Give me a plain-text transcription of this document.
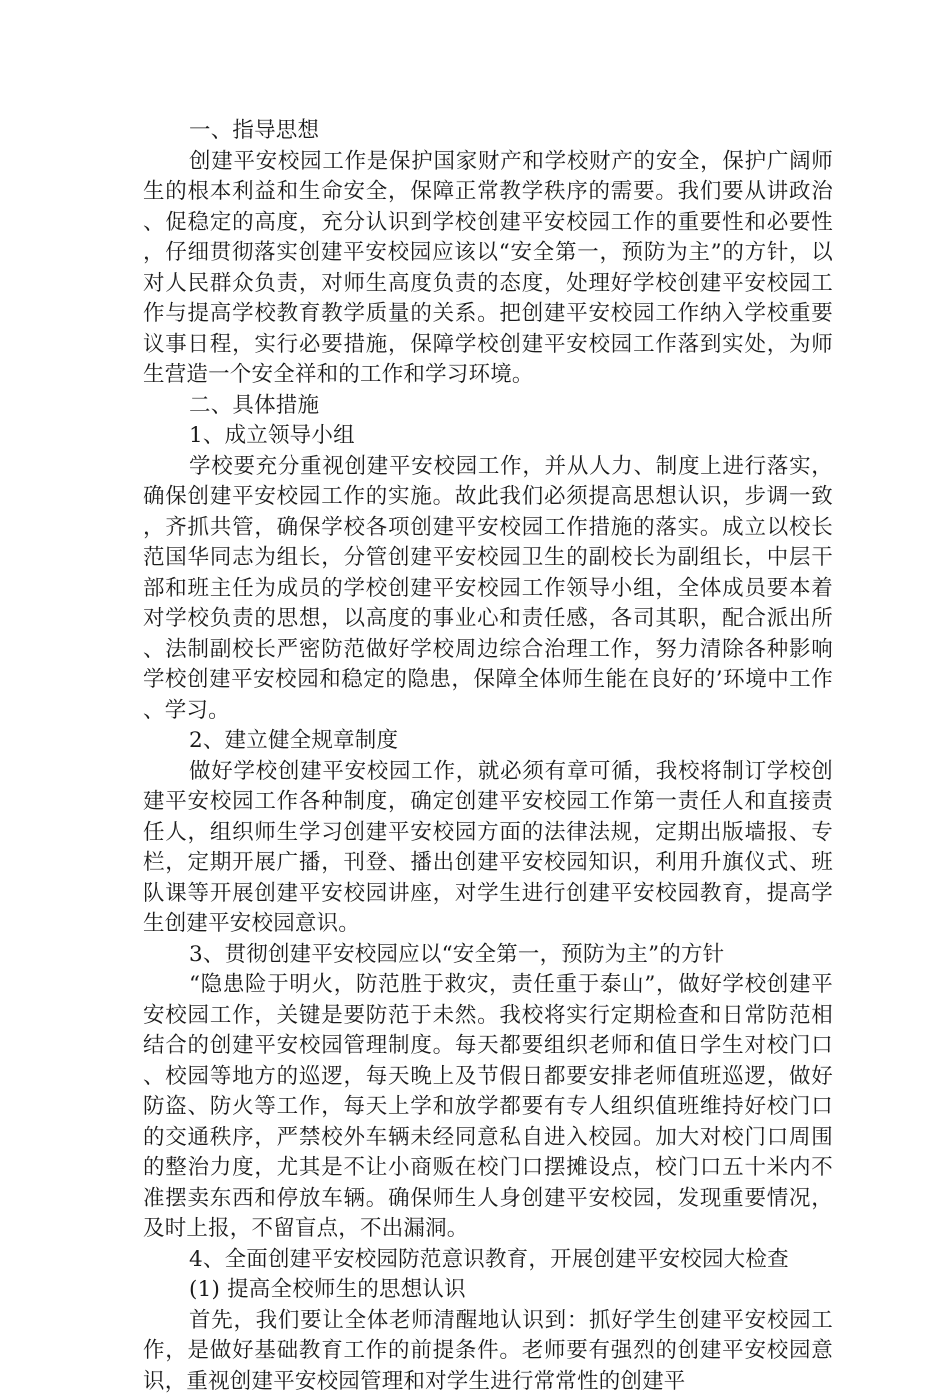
一、指导思想

创建平安校园工作是保护国家财产和学校财产的安全，保护广阔师生的根本利益和生命安全，保障正常教学秩序的需要。我们要从讲政治、促稳定的高度，充分认识到学校创建平安校园工作的重要性和必要性，仔细贯彻落实创建平安校园应该以“安全第一，预防为主”的方针，以对人民群众负责，对师生高度负责的态度，处理好学校创建平安校园工作与提高学校教育教学质量的关系。把创建平安校园工作纳入学校重要议事日程，实行必要措施，保障学校创建平安校园工作落到实处，为师生营造一个安全祥和的工作和学习环境。

二、具体措施

1、成立领导小组

学校要充分重视创建平安校园工作，并从人力、制度上进行落实，确保创建平安校园工作的实施。故此我们必须提高思想认识，步调一致，齐抓共管，确保学校各项创建平安校园工作措施的落实。成立以校长范国华同志为组长，分管创建平安校园卫生的副校长为副组长，中层干部和班主任为成员的学校创建平安校园工作领导小组，全体成员要本着对学校负责的思想，以高度的事业心和责任感，各司其职，配合派出所、法制副校长严密防范做好学校周边综合治理工作，努力清除各种影响学校创建平安校园和稳定的隐患，保障全体师生能在良好的’环境中工作、学习。

2、建立健全规章制度

做好学校创建平安校园工作，就必须有章可循，我校将制订学校创建平安校园工作各种制度，确定创建平安校园工作第一责任人和直接责任人，组织师生学习创建平安校园方面的法律法规，定期出版墙报、专栏，定期开展广播，刊登、播出创建平安校园知识，利用升旗仪式、班队课等开展创建平安校园讲座，对学生进行创建平安校园教育，提高学生创建平安校园意识。

3、贯彻创建平安校园应以“安全第一，预防为主”的方针

“隐患险于明火，防范胜于救灾，责任重于泰山”，做好学校创建平安校园工作，关键是要防范于未然。我校将实行定期检查和日常防范相结合的创建平安校园管理制度。每天都要组织老师和值日学生对校门口、校园等地方的巡逻，每天晚上及节假日都要安排老师值班巡逻，做好防盗、防火等工作，每天上学和放学都要有专人组织值班维持好校门口的交通秩序，严禁校外车辆未经同意私自进入校园。加大对校门口周围的整治力度，尤其是不让小商贩在校门口摆摊设点，校门口五十米内不准摆卖东西和停放车辆。确保师生人身创建平安校园，发现重要情况，及时上报，不留盲点，不出漏洞。

4、全面创建平安校园防范意识教育，开展创建平安校园大检查

(1) 提高全校师生的思想认识

首先，我们要让全体老师清醒地认识到：抓好学生创建平安校园工作，是做好基础教育工作的前提条件。老师要有强烈的创建平安校园意识，重视创建平安校园管理和对学生进行常常性的创建平
